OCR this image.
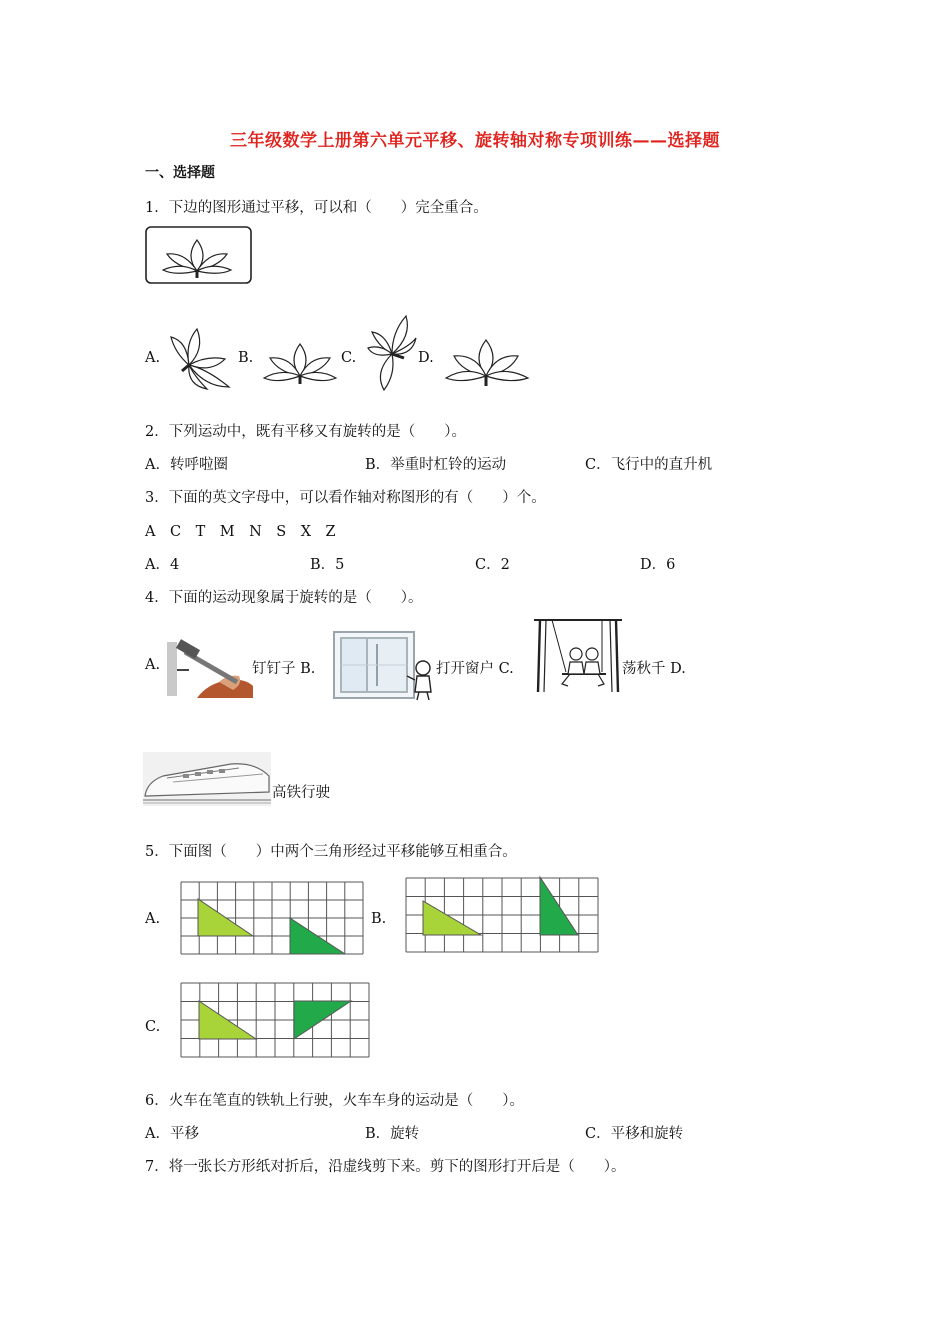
三年级数学上册第六单元平移、旋转轴对称专项训练——选择题
一、选择题
1．下边的图形通过平移，可以和（　　）完全重合。
A.	B.	C.	D.
2．下列运动中，既有平移又有旋转的是（　　）。
A．转呼啦圈	B．举重时杠铃的运动	C．飞行中的直升机
3．下面的英文字母中，可以看作轴对称图形的有（　　）个。
A　C　T　M　N　S　X　Z
A．4	B．5	C．2	D．6
4．下面的运动现象属于旋转的是（　　）。
A.	钉钉子 B.	打开窗户 C.	荡秋千 D.
高铁行驶
5．下面图（　　）中两个三角形经过平移能够互相重合。
A.	B.
C.
6．火车在笔直的铁轨上行驶，火车车身的运动是（　　）。
A．平移	B．旋转	C．平移和旋转
7．将一张长方形纸对折后，沿虚线剪下来。剪下的图形打开后是（　　）。
